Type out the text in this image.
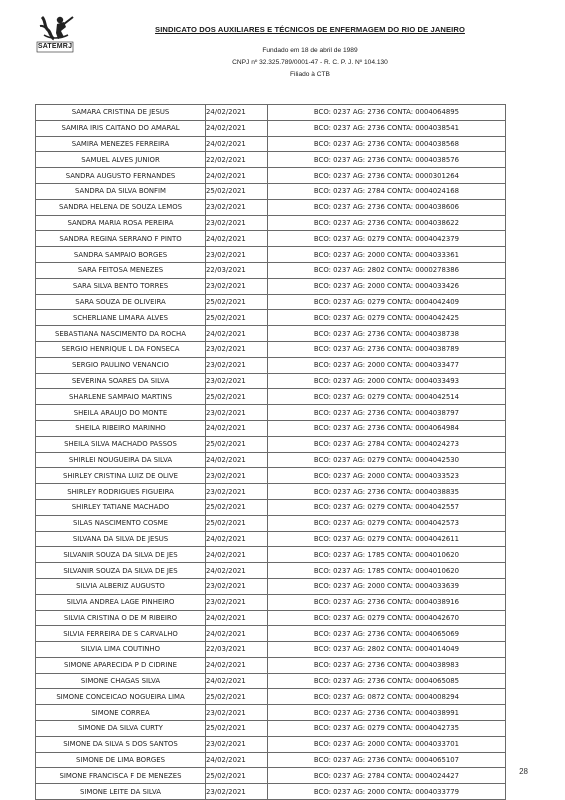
SATEMRJ
SINDICATO DOS AUXILIARES E TÉCNICOS DE ENFERMAGEM DO RIO DE JANEIRO
Fundado em 18 de abril de 1989
CNPJ nº 32.325.789/0001-47 - R. C. P. J. Nº 104.130
Filiado à CTB
SAMARA CRISTINA DE JESUS	24/02/2021	BCO: 0237 AG: 2736 CONTA: 0004064895
SAMIRA IRIS CAITANO DO AMARAL	24/02/2021	BCO: 0237 AG: 2736 CONTA: 0004038541
SAMIRA MENEZES FERREIRA	24/02/2021	BCO: 0237 AG: 2736 CONTA: 0004038568
SAMUEL ALVES JUNIOR	22/02/2021	BCO: 0237 AG: 2736 CONTA: 0004038576
SANDRA AUGUSTO FERNANDES	24/02/2021	BCO: 0237 AG: 2736 CONTA: 0000301264
SANDRA DA SILVA BONFIM	25/02/2021	BCO: 0237 AG: 2784 CONTA: 0004024168
SANDRA HELENA DE SOUZA LEMOS	23/02/2021	BCO: 0237 AG: 2736 CONTA: 0004038606
SANDRA MARIA ROSA PEREIRA	23/02/2021	BCO: 0237 AG: 2736 CONTA: 0004038622
SANDRA REGINA SERRANO F PINTO	24/02/2021	BCO: 0237 AG: 0279 CONTA: 0004042379
SANDRA SAMPAIO BORGES	23/02/2021	BCO: 0237 AG: 2000 CONTA: 0004033361
SARA FEITOSA MENEZES	22/03/2021	BCO: 0237 AG: 2802 CONTA: 0000278386
SARA SILVA BENTO TORRES	23/02/2021	BCO: 0237 AG: 2000 CONTA: 0004033426
SARA SOUZA DE OLIVEIRA	25/02/2021	BCO: 0237 AG: 0279 CONTA: 0004042409
SCHERLIANE LIMARA ALVES	25/02/2021	BCO: 0237 AG: 0279 CONTA: 0004042425
SEBASTIANA NASCIMENTO DA ROCHA	24/02/2021	BCO: 0237 AG: 2736 CONTA: 0004038738
SERGIO HENRIQUE L DA FONSECA	23/02/2021	BCO: 0237 AG: 2736 CONTA: 0004038789
SERGIO PAULINO VENANCIO	23/02/2021	BCO: 0237 AG: 2000 CONTA: 0004033477
SEVERINA SOARES DA SILVA	23/02/2021	BCO: 0237 AG: 2000 CONTA: 0004033493
SHARLENE SAMPAIO MARTINS	25/02/2021	BCO: 0237 AG: 0279 CONTA: 0004042514
SHEILA ARAUJO DO MONTE	23/02/2021	BCO: 0237 AG: 2736 CONTA: 0004038797
SHEILA RIBEIRO MARINHO	24/02/2021	BCO: 0237 AG: 2736 CONTA: 0004064984
SHEILA SILVA MACHADO PASSOS	25/02/2021	BCO: 0237 AG: 2784 CONTA: 0004024273
SHIRLEI NOUGUEIRA DA SILVA	24/02/2021	BCO: 0237 AG: 0279 CONTA: 0004042530
SHIRLEY CRISTINA LUIZ DE OLIVE	23/02/2021	BCO: 0237 AG: 2000 CONTA: 0004033523
SHIRLEY RODRIGUES FIGUEIRA	23/02/2021	BCO: 0237 AG: 2736 CONTA: 0004038835
SHIRLEY TATIANE MACHADO	25/02/2021	BCO: 0237 AG: 0279 CONTA: 0004042557
SILAS NASCIMENTO COSME	25/02/2021	BCO: 0237 AG: 0279 CONTA: 0004042573
SILVANA DA SILVA DE JESUS	24/02/2021	BCO: 0237 AG: 0279 CONTA: 0004042611
SILVANIR SOUZA DA SILVA DE JES	24/02/2021	BCO: 0237 AG: 1785 CONTA: 0004010620
SILVANIR SOUZA DA SILVA DE JES	24/02/2021	BCO: 0237 AG: 1785 CONTA: 0004010620
SILVIA ALBERIZ AUGUSTO	23/02/2021	BCO: 0237 AG: 2000 CONTA: 0004033639
SILVIA ANDREA LAGE PINHEIRO	23/02/2021	BCO: 0237 AG: 2736 CONTA: 0004038916
SILVIA CRISTINA O DE M RIBEIRO	24/02/2021	BCO: 0237 AG: 0279 CONTA: 0004042670
SILVIA FERREIRA DE S CARVALHO	24/02/2021	BCO: 0237 AG: 2736 CONTA: 0004065069
SILVIA LIMA COUTINHO	22/03/2021	BCO: 0237 AG: 2802 CONTA: 0004014049
SIMONE APARECIDA P D CIDRINE	24/02/2021	BCO: 0237 AG: 2736 CONTA: 0004038983
SIMONE CHAGAS SILVA	24/02/2021	BCO: 0237 AG: 2736 CONTA: 0004065085
SIMONE CONCEICAO NOGUEIRA LIMA	25/02/2021	BCO: 0237 AG: 0872 CONTA: 0004008294
SIMONE CORREA	23/02/2021	BCO: 0237 AG: 2736 CONTA: 0004038991
SIMONE DA SILVA CURTY	25/02/2021	BCO: 0237 AG: 0279 CONTA: 0004042735
SIMONE DA SILVA S DOS SANTOS	23/02/2021	BCO: 0237 AG: 2000 CONTA: 0004033701
SIMONE DE LIMA BORGES	24/02/2021	BCO: 0237 AG: 2736 CONTA: 0004065107
SIMONE FRANCISCA F DE MENEZES	25/02/2021	BCO: 0237 AG: 2784 CONTA: 0004024427
SIMONE LEITE DA SILVA	23/02/2021	BCO: 0237 AG: 2000 CONTA: 0004033779
28
